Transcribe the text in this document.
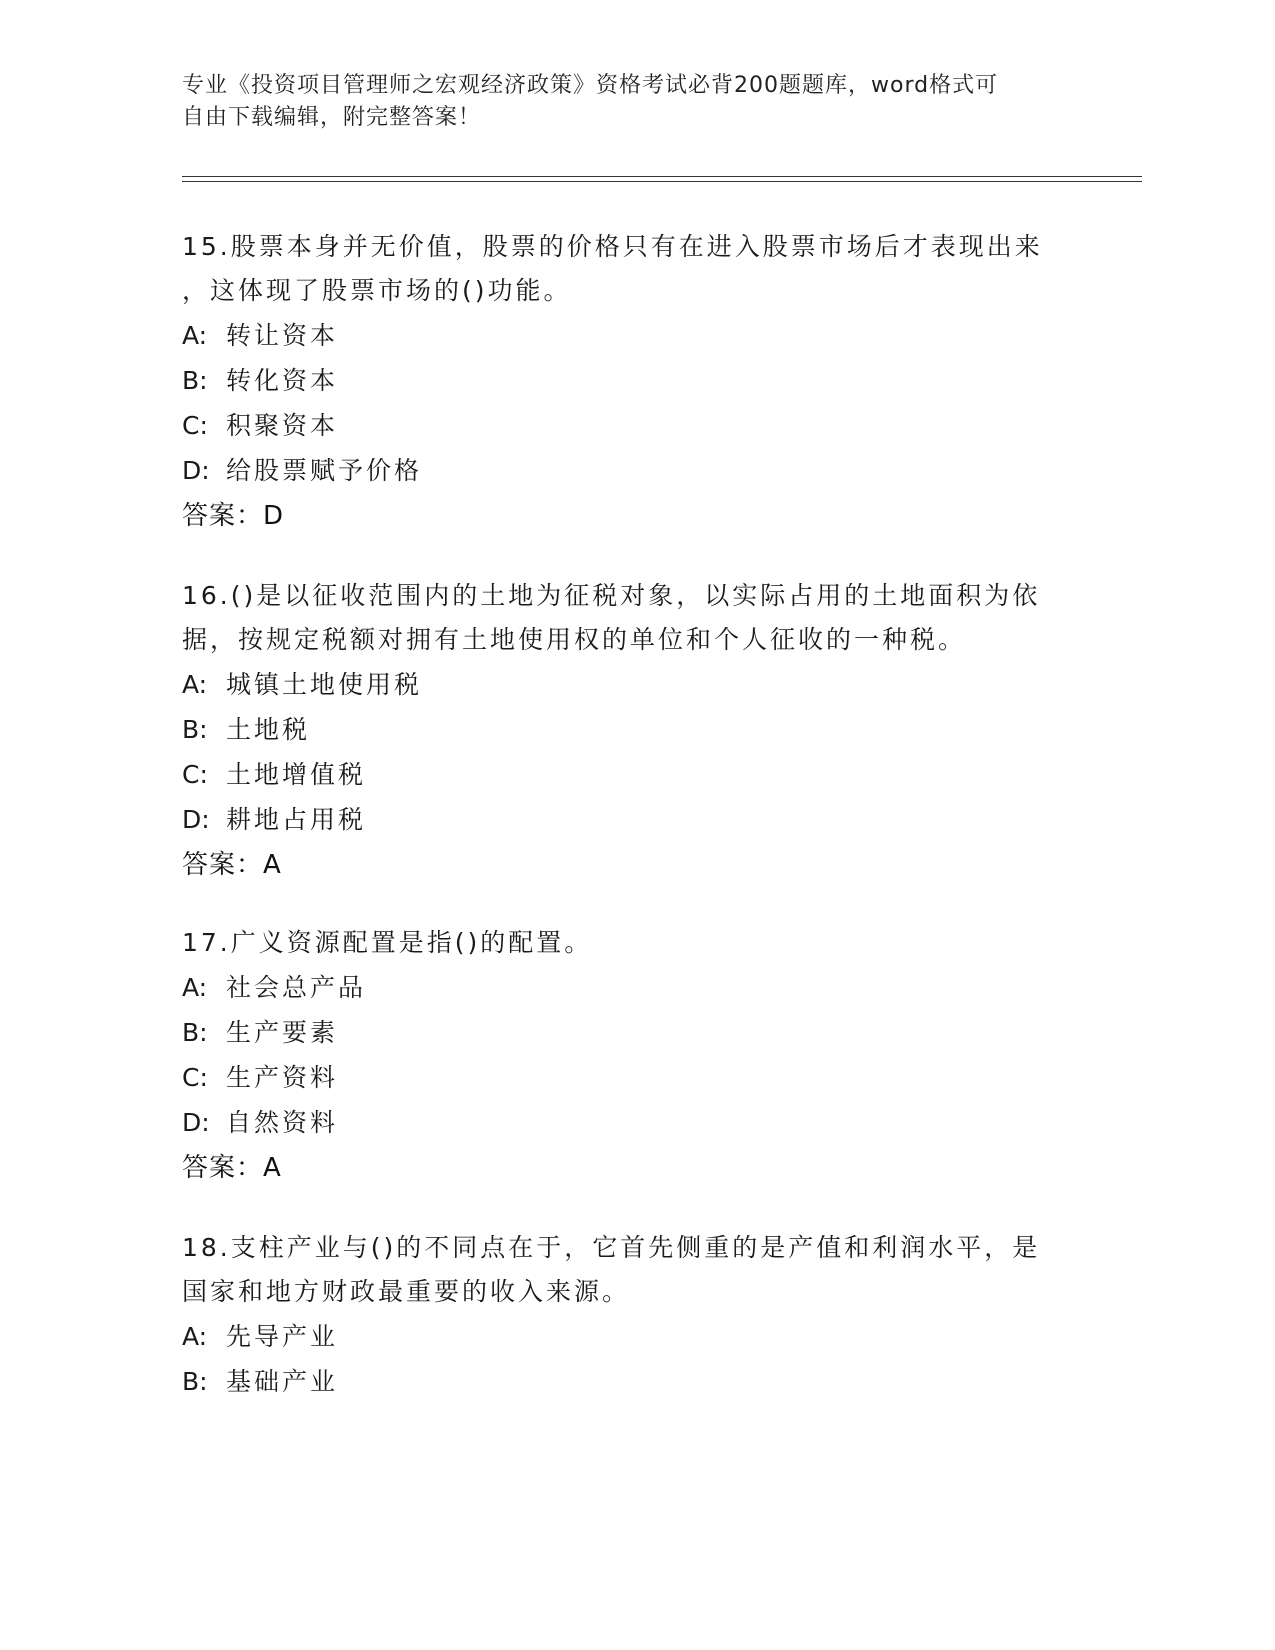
专业《投资项目管理师之宏观经济政策》资格考试必背200题题库，word格式可
自由下载编辑，附完整答案！
15.股票本身并无价值，股票的价格只有在进入股票市场后才表现出来
，这体现了股票市场的()功能。
A: 转让资本
B: 转化资本
C: 积聚资本
D: 给股票赋予价格
答案：D
16.()是以征收范围内的土地为征税对象，以实际占用的土地面积为依
据，按规定税额对拥有土地使用权的单位和个人征收的一种税。
A: 城镇土地使用税
B: 土地税
C: 土地增值税
D: 耕地占用税
答案：A
17.广义资源配置是指()的配置。
A: 社会总产品
B: 生产要素
C: 生产资料
D: 自然资料
答案：A
18.支柱产业与()的不同点在于，它首先侧重的是产值和利润水平，是
国家和地方财政最重要的收入来源。
A: 先导产业
B: 基础产业
